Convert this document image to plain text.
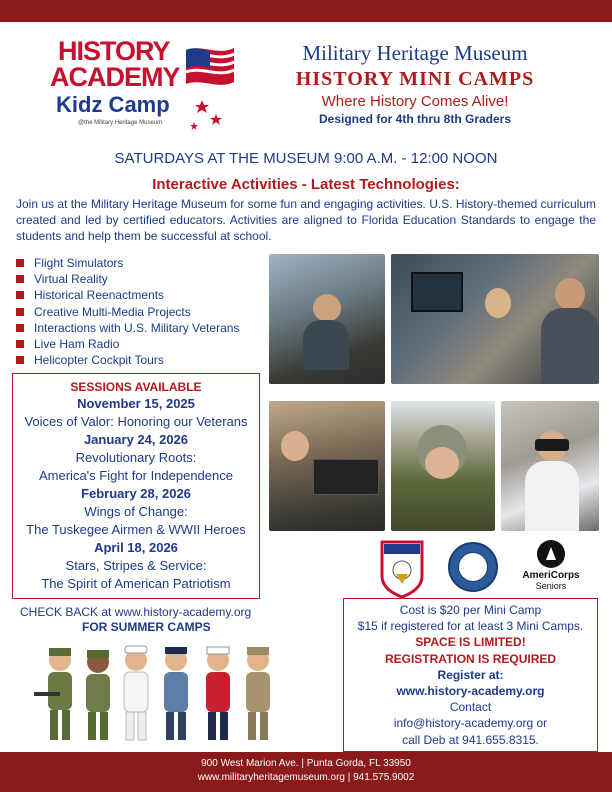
HISTORY
ACADEMY
Kidz Camp
@the Military Heritage Museum
Military Heritage Museum
HISTORY MINI CAMPS
Where History Comes Alive!
Designed for 4th thru 8th Graders
SATURDAYS AT THE MUSEUM 9:00 A.M. - 12:00 NOON
Interactive Activities - Latest Technologies:
Join us at the Military Heritage Museum for some fun and engaging activities. U.S. History-themed curriculum created and led by certified educators. Activities are aligned to Florida Education Standards to engage the students and help them be successful at school.
Flight Simulators
Virtual Reality
Historical Reenactments
Creative Multi-Media Projects
Interactions with U.S. Military Veterans
Live Ham Radio
Helicopter Cockpit Tours
SESSIONS AVAILABLE
November 15, 2025
Voices of Valor: Honoring our Veterans
January 24, 2026
Revolutionary Roots:
America's Fight for Independence
February 28, 2026
Wings of Change:
The Tuskegee Airmen & WWII Heroes
April 18, 2026
Stars, Stripes & Service:
The Spirit of American Patriotism
CHECK BACK at www.history-academy.org
FOR SUMMER CAMPS
AmeriCorps
Seniors
Cost is $20 per Mini Camp
$15 if registered for at least 3 Mini Camps.
SPACE IS LIMITED!
REGISTRATION IS REQUIRED
Register at:
www.history-academy.org
Contact
info@history-academy.org or
call Deb at 941.655.8315.
900 West Marion Ave. | Punta Gorda, FL 33950
www.militaryheritagemuseum.org | 941.575.9002
